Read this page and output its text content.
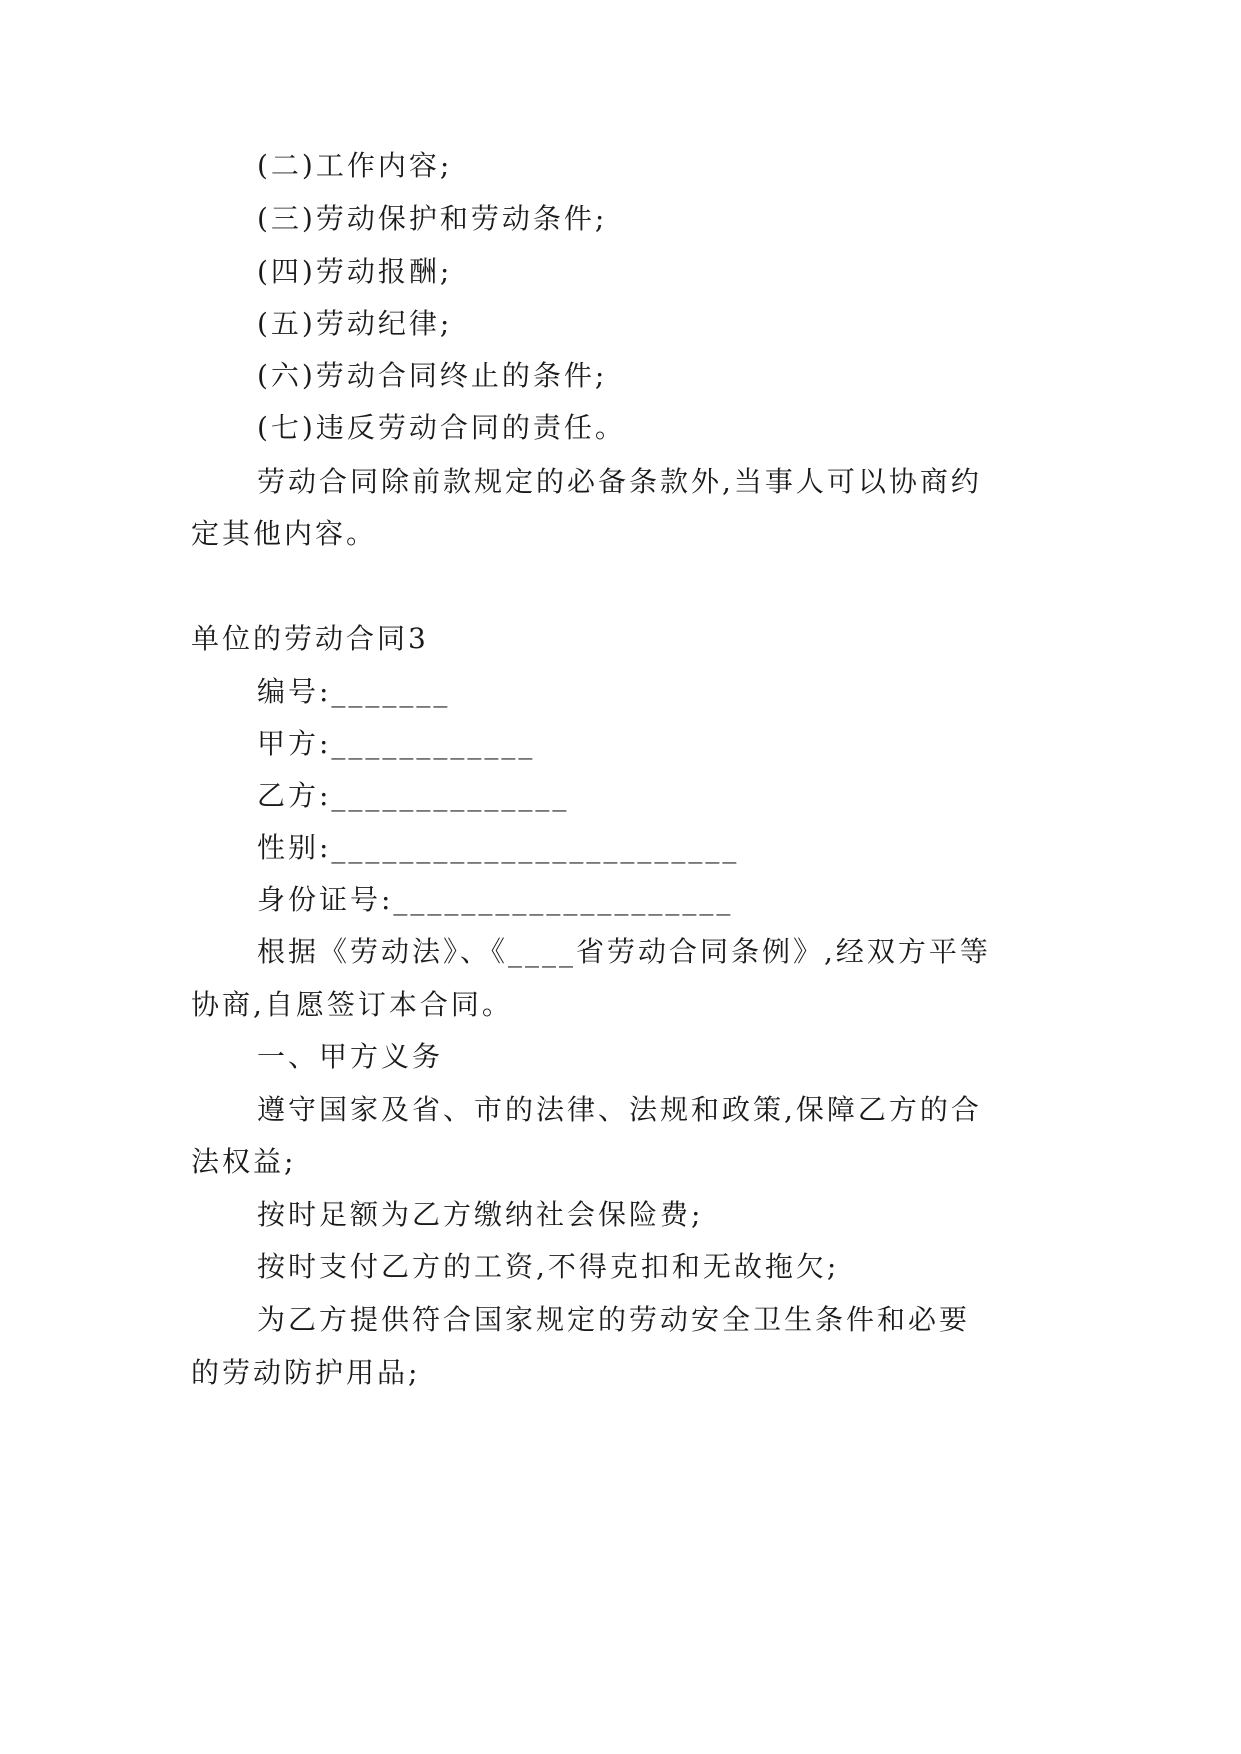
(二)工作内容;
(三)劳动保护和劳动条件;
(四)劳动报酬;
(五)劳动纪律;
(六)劳动合同终止的条件;
(七)违反劳动合同的责任。
劳动合同除前款规定的必备条款外,当事人可以协商约
定其他内容。
单位的劳动合同3
编号:_______
甲方:____________
乙方:______________
性别:________________________
身份证号:____________________
根据《劳动法》、《____省劳动合同条例》,经双方平等
协商,自愿签订本合同。
一、甲方义务
遵守国家及省、市的法律、法规和政策,保障乙方的合
法权益;
按时足额为乙方缴纳社会保险费;
按时支付乙方的工资,不得克扣和无故拖欠;
为乙方提供符合国家规定的劳动安全卫生条件和必要
的劳动防护用品;
